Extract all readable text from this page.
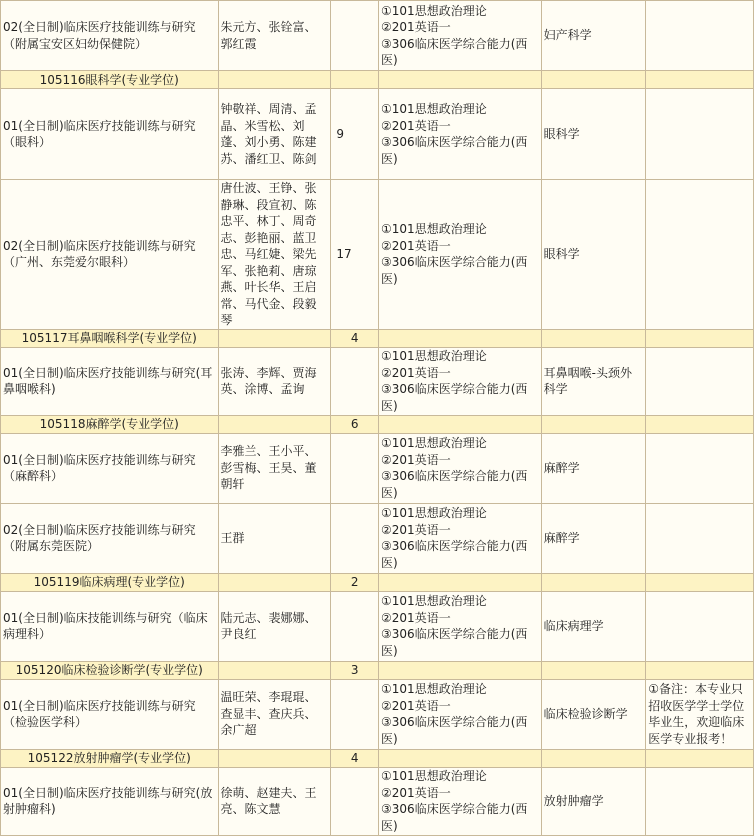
02(全日制)临床医疗技能训练与研究（附属宝安区妇幼保健院）	朱元方、张铨富、郭红霞		①101思想政治理论
②201英语一
③306临床医学综合能力(西医)	妇产科学	
105116眼科学(专业学位)					
01(全日制)临床医疗技能训练与研究（眼科）	钟敬祥、周清、孟晶、米雪松、刘蓬、刘小勇、陈建苏、潘红卫、陈剑	9	①101思想政治理论
②201英语一
③306临床医学综合能力(西医)	眼科学	
02(全日制)临床医疗技能训练与研究（广州、东莞爱尔眼科）	唐仕波、王铮、张静琳、段宣初、陈忠平、林丁、周奇志、彭艳丽、蓝卫忠、马红婕、梁先军、张艳莉、唐琼燕、叶长华、王启常、马代金、段毅琴	17	①101思想政治理论
②201英语一
③306临床医学综合能力(西医)	眼科学	
105117耳鼻咽喉科学(专业学位)		4			
01(全日制)临床医疗技能训练与研究(耳鼻咽喉科)	张涛、李辉、贾海英、涂博、孟询		①101思想政治理论
②201英语一
③306临床医学综合能力(西医)	耳鼻咽喉-头颈外科学	
105118麻醉学(专业学位)		6			
01(全日制)临床医疗技能训练与研究（麻醉科）	李雅兰、王小平、彭雪梅、王昊、董朝轩		①101思想政治理论
②201英语一
③306临床医学综合能力(西医)	麻醉学	
02(全日制)临床医疗技能训练与研究（附属东莞医院）	王群		①101思想政治理论
②201英语一
③306临床医学综合能力(西医)	麻醉学	
105119临床病理(专业学位)		2			
01(全日制)临床技能训练与研究（临床病理科）	陆元志、裴娜娜、尹良红		①101思想政治理论
②201英语一
③306临床医学综合能力(西医)	临床病理学	
105120临床检验诊断学(专业学位)		3			
01(全日制)临床医疗技能训练与研究（检验医学科）	温旺荣、李琨琨、查显丰、查庆兵、余广超		①101思想政治理论
②201英语一
③306临床医学综合能力(西医)	临床检验诊断学	①备注：本专业只招收医学学士学位毕业生，欢迎临床医学专业报考！
105122放射肿瘤学(专业学位)		4			
01(全日制)临床医疗技能训练与研究(放射肿瘤科)	徐萌、赵建夫、王亮、陈文慧		①101思想政治理论
②201英语一
③306临床医学综合能力(西医)	放射肿瘤学	
